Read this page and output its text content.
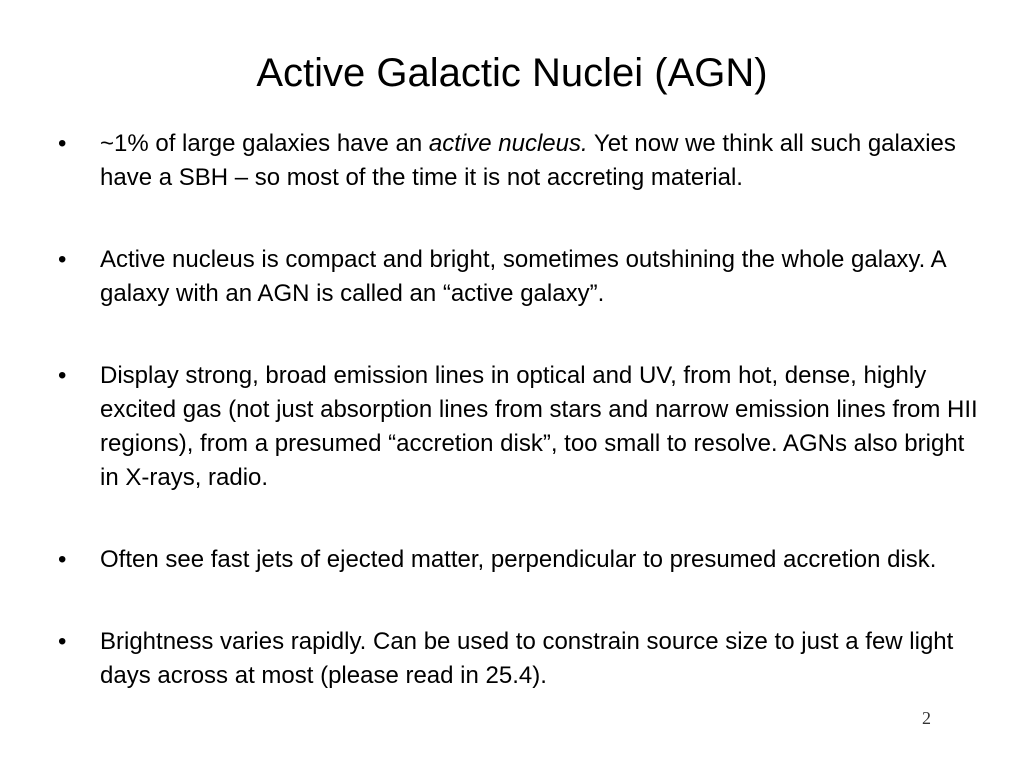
Active Galactic Nuclei (AGN)
•	~1% of large galaxies have an active nucleus. Yet now we think all such galaxies have a SBH – so most of the time it is not accreting material.
•	Active nucleus is compact and bright, sometimes outshining the whole galaxy. A galaxy with an AGN is called an “active galaxy”.
•	Display strong, broad emission lines in optical and UV, from hot, dense, highly excited gas (not just absorption lines from stars and narrow emission lines from HII regions), from a presumed “accretion disk”, too small to resolve. AGNs also bright in X-rays, radio.
•	Often see fast jets of ejected matter, perpendicular to presumed accretion disk.
•	Brightness varies rapidly. Can be used to constrain source size to just a few light days across at most (please read in 25.4).
2
